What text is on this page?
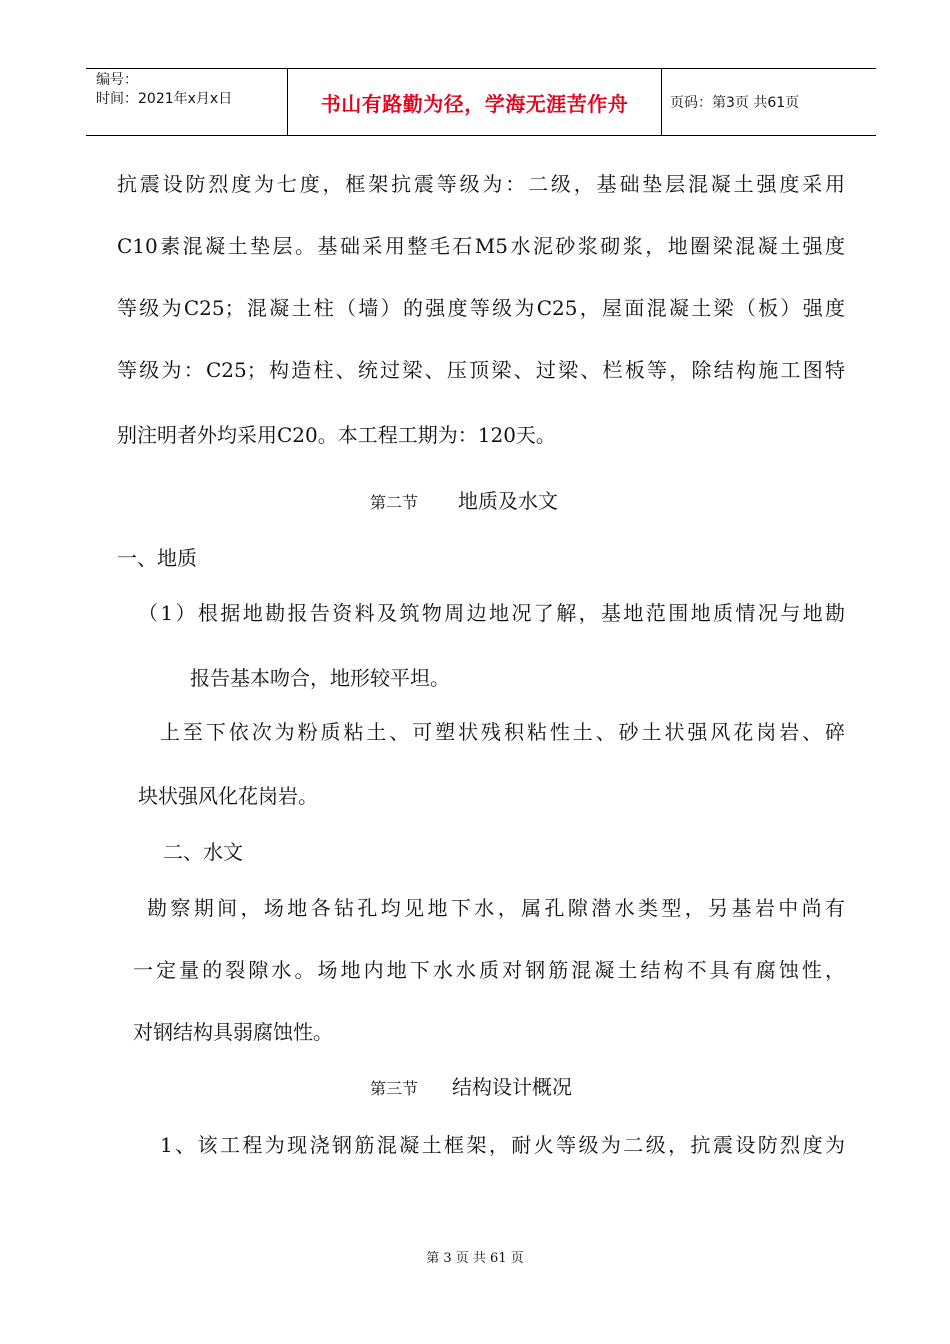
编号：
时间：2021年x月x日	书山有路勤为径，学海无涯苦作舟	页码：第3页 共61页
抗震设防烈度为七度，框架抗震等级为：二级，基础垫层混凝土强度采用
C10素混凝土垫层。基础采用整毛石M5水泥砂浆砌浆，地圈梁混凝土强度
等级为C25；混凝土柱（墙）的强度等级为C25，屋面混凝土梁（板）强度
等级为：C25；构造柱、统过梁、压顶梁、过梁、栏板等，除结构施工图特
别注明者外均采用C20。本工程工期为：120天。
第二节 地质及水文
一、地质
（1）根据地勘报告资料及筑物周边地况了解，基地范围地质情况与地勘
报告基本吻合，地形较平坦。
上至下依次为粉质粘土、可塑状残积粘性土、砂土状强风花岗岩、碎
块状强风化花岗岩。
二、水文
勘察期间，场地各钻孔均见地下水，属孔隙潜水类型，另基岩中尚有
一定量的裂隙水。场地内地下水水质对钢筋混凝土结构不具有腐蚀性，
对钢结构具弱腐蚀性。
第三节 结构设计概况
1、该工程为现浇钢筋混凝土框架，耐火等级为二级，抗震设防烈度为
第 3 页 共 61 页
